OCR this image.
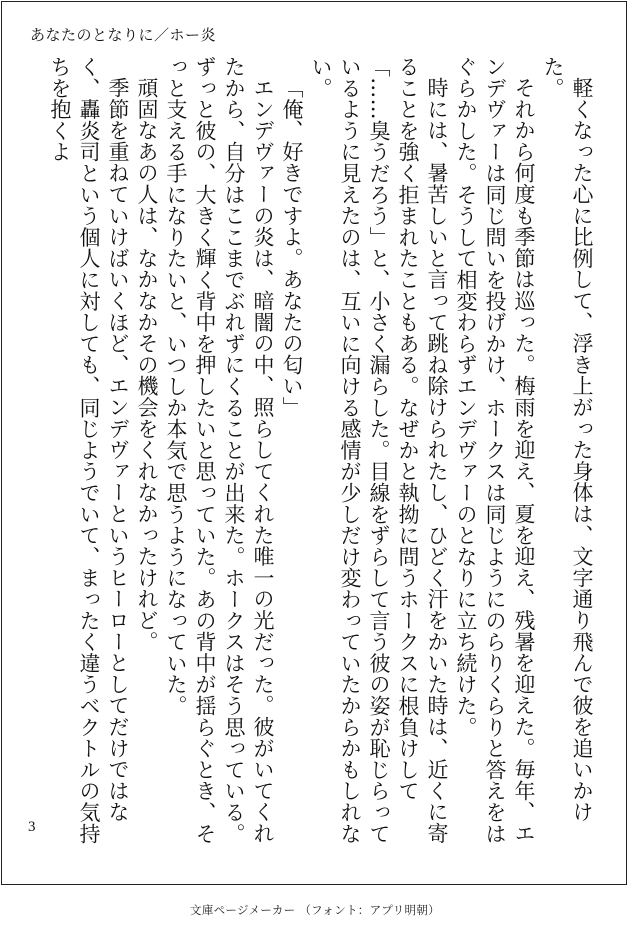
あなたのとなりに／ホー炎

軽くなった心に比例して、浮き上がった身体は、文字通り飛んで彼を追いかけた。

それから何度も季節は巡った。梅雨を迎え、夏を迎え、残暑を迎えた。毎年、エンデヴァーは同じ問いを投げかけ、ホークスは同じようにのらりくらりと答えをはぐらかした。そうして相変わらずエンデヴァーのとなりに立ち続けた。

時には、暑苦しいと言って跳ね除けられたし、ひどく汗をかいた時は、近くに寄ることを強く拒まれたこともある。なぜかと執拗に問うホークスに根負けして「……臭うだろう」と、小さく漏らした。目線をずらして言う彼の姿が恥じらっているように見えたのは、互いに向ける感情が少しだけ変わっていたからかもしれない。

「俺、好きですよ。あなたの匂い」

エンデヴァーの炎は、暗闇の中、照らしてくれた唯一の光だった。彼がいてくれたから、自分はここまでぶれずにくることが出来た。ホークスはそう思っている。ずっと彼の、大きく輝く背中を押したいと思っていた。あの背中が揺らぐとき、そっと支える手になりたいと、いつしか本気で思うようになっていた。

頑固なあの人は、なかなかその機会をくれなかったけれど。

季節を重ねていけばいくほど、エンデヴァーというヒーローとしてだけではなく、轟炎司という個人に対しても、同じようでいて、まったく違うベクトルの気持ちを抱くよ

3
文庫ページメーカー （フォント：アプリ明朝）
